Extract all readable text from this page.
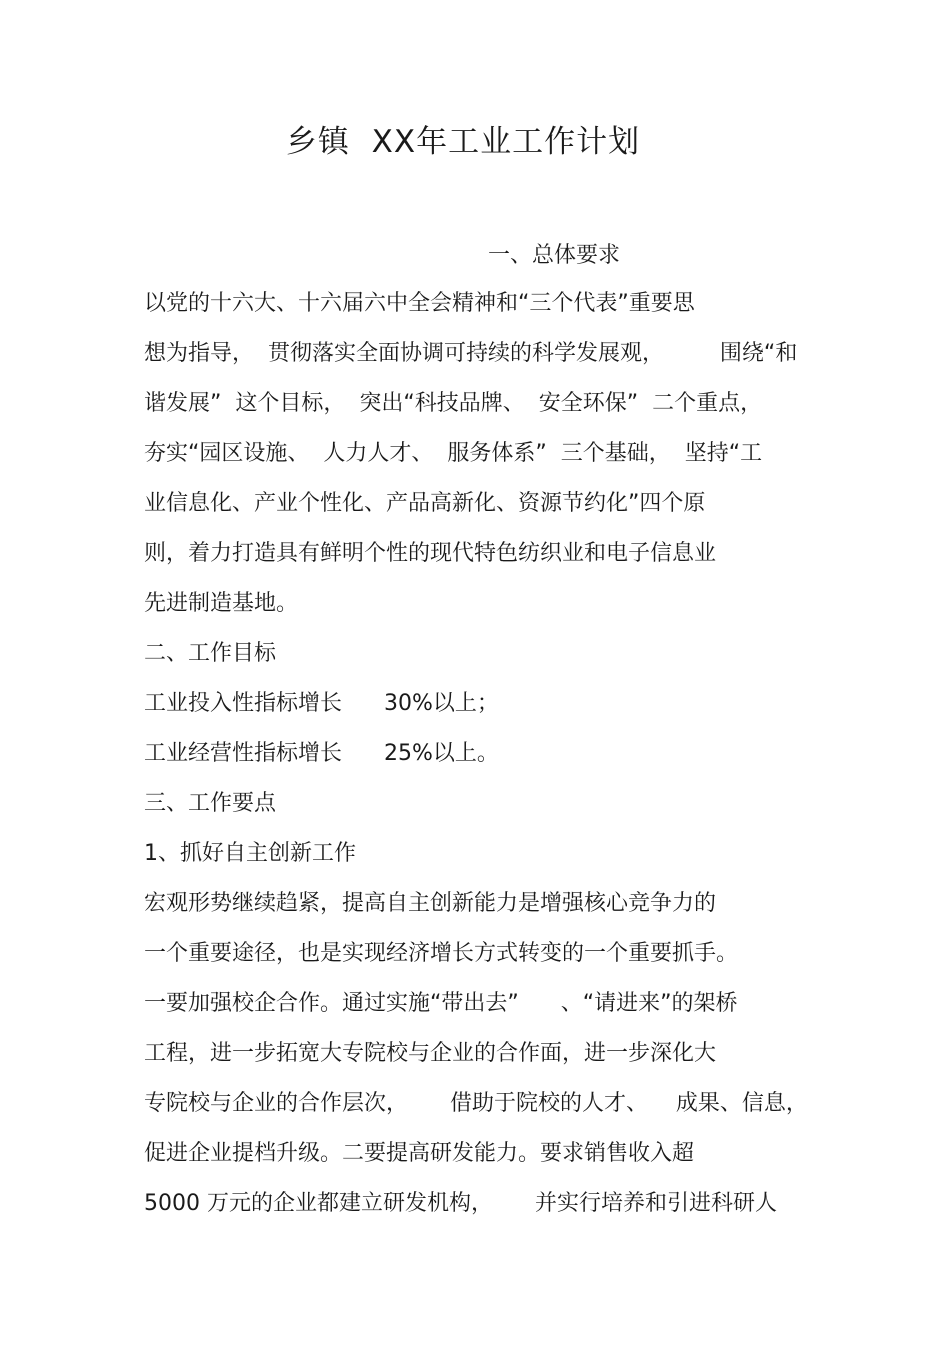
乡镇  XX年工业工作计划
一、总体要求
以党的十六大、十六届六中全会精神和“三个代表”重要思
想为指导，  贯彻落实全面协调可持续的科学发展观，        围绕“和
谐发展”  这个目标，  突出“科技品牌、  安全环保”  二个重点，
夯实“园区设施、  人力人才、  服务体系”  三个基础，  坚持“工
业信息化、产业个性化、产品高新化、资源节约化”四个原
则，着力打造具有鲜明个性的现代特色纺织业和电子信息业
先进制造基地。
二、工作目标
工业投入性指标增长      30%以上；
工业经营性指标增长      25%以上。
三、工作要点
1、抓好自主创新工作
宏观形势继续趋紧，提高自主创新能力是增强核心竞争力的
一个重要途径，也是实现经济增长方式转变的一个重要抓手。
一要加强校企合作。通过实施“带出去”      、“请进来”的架桥
工程，进一步拓宽大专院校与企业的合作面，进一步深化大
专院校与企业的合作层次，      借助于院校的人才、    成果、信息，
促进企业提档升级。二要提高研发能力。要求销售收入超
5000 万元的企业都建立研发机构，      并实行培养和引进科研人
